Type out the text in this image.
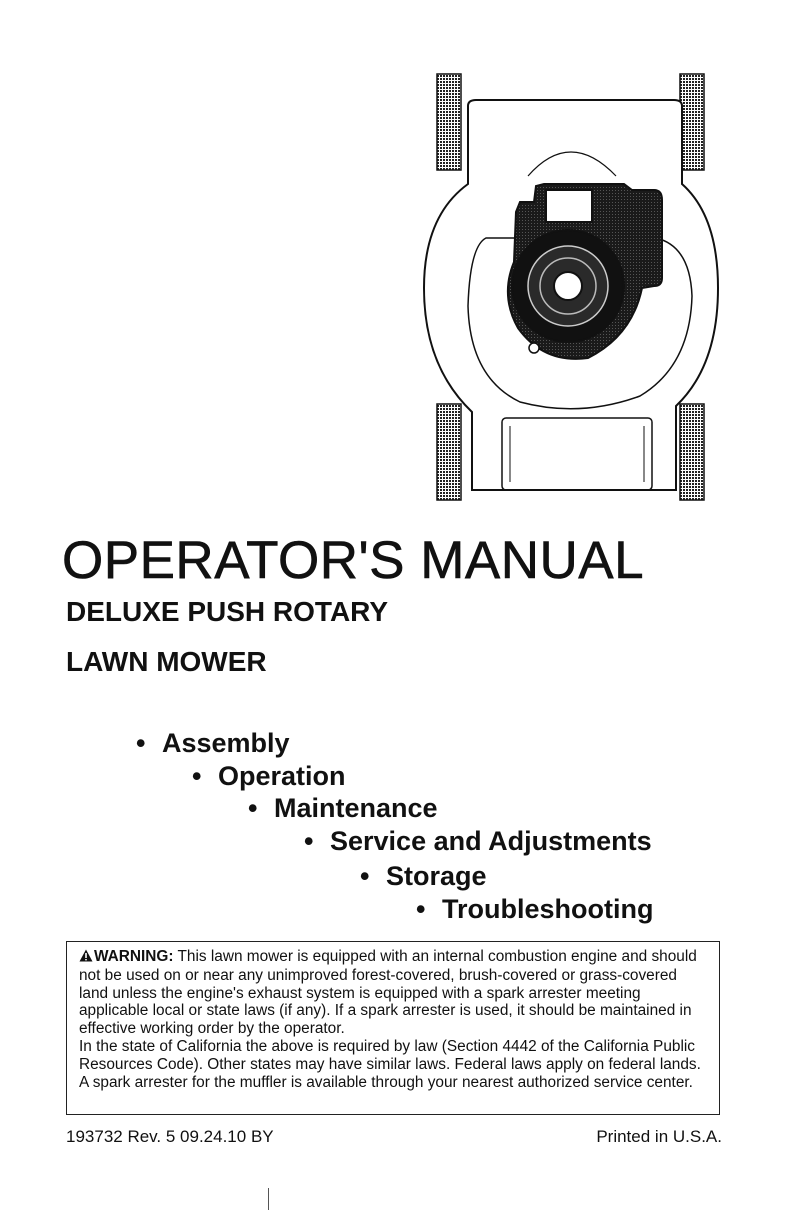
OPERATOR'S MANUAL
DELUXE PUSH ROTARY
LAWN MOWER
• Assembly
• Operation
• Maintenance
• Service and Adjustments
• Storage
• Troubleshooting

WARNING: This lawn mower is equipped with an internal combustion engine and should not be used on or near any unimproved forest-covered, brush-covered or grass-covered land unless the engine's exhaust system is equipped with a spark arrester meeting applicable local or state laws (if any). If a spark arrester is used, it should be maintained in effective working order by the operator.

In the state of California the above is required by law (Section 4442 of the California Public Resources Code). Other states may have similar laws. Federal laws apply on federal lands. A spark arrester for the muffler is available through your nearest authorized service center.

193732 Rev. 5 09.24.10 BY	Printed in U.S.A.
